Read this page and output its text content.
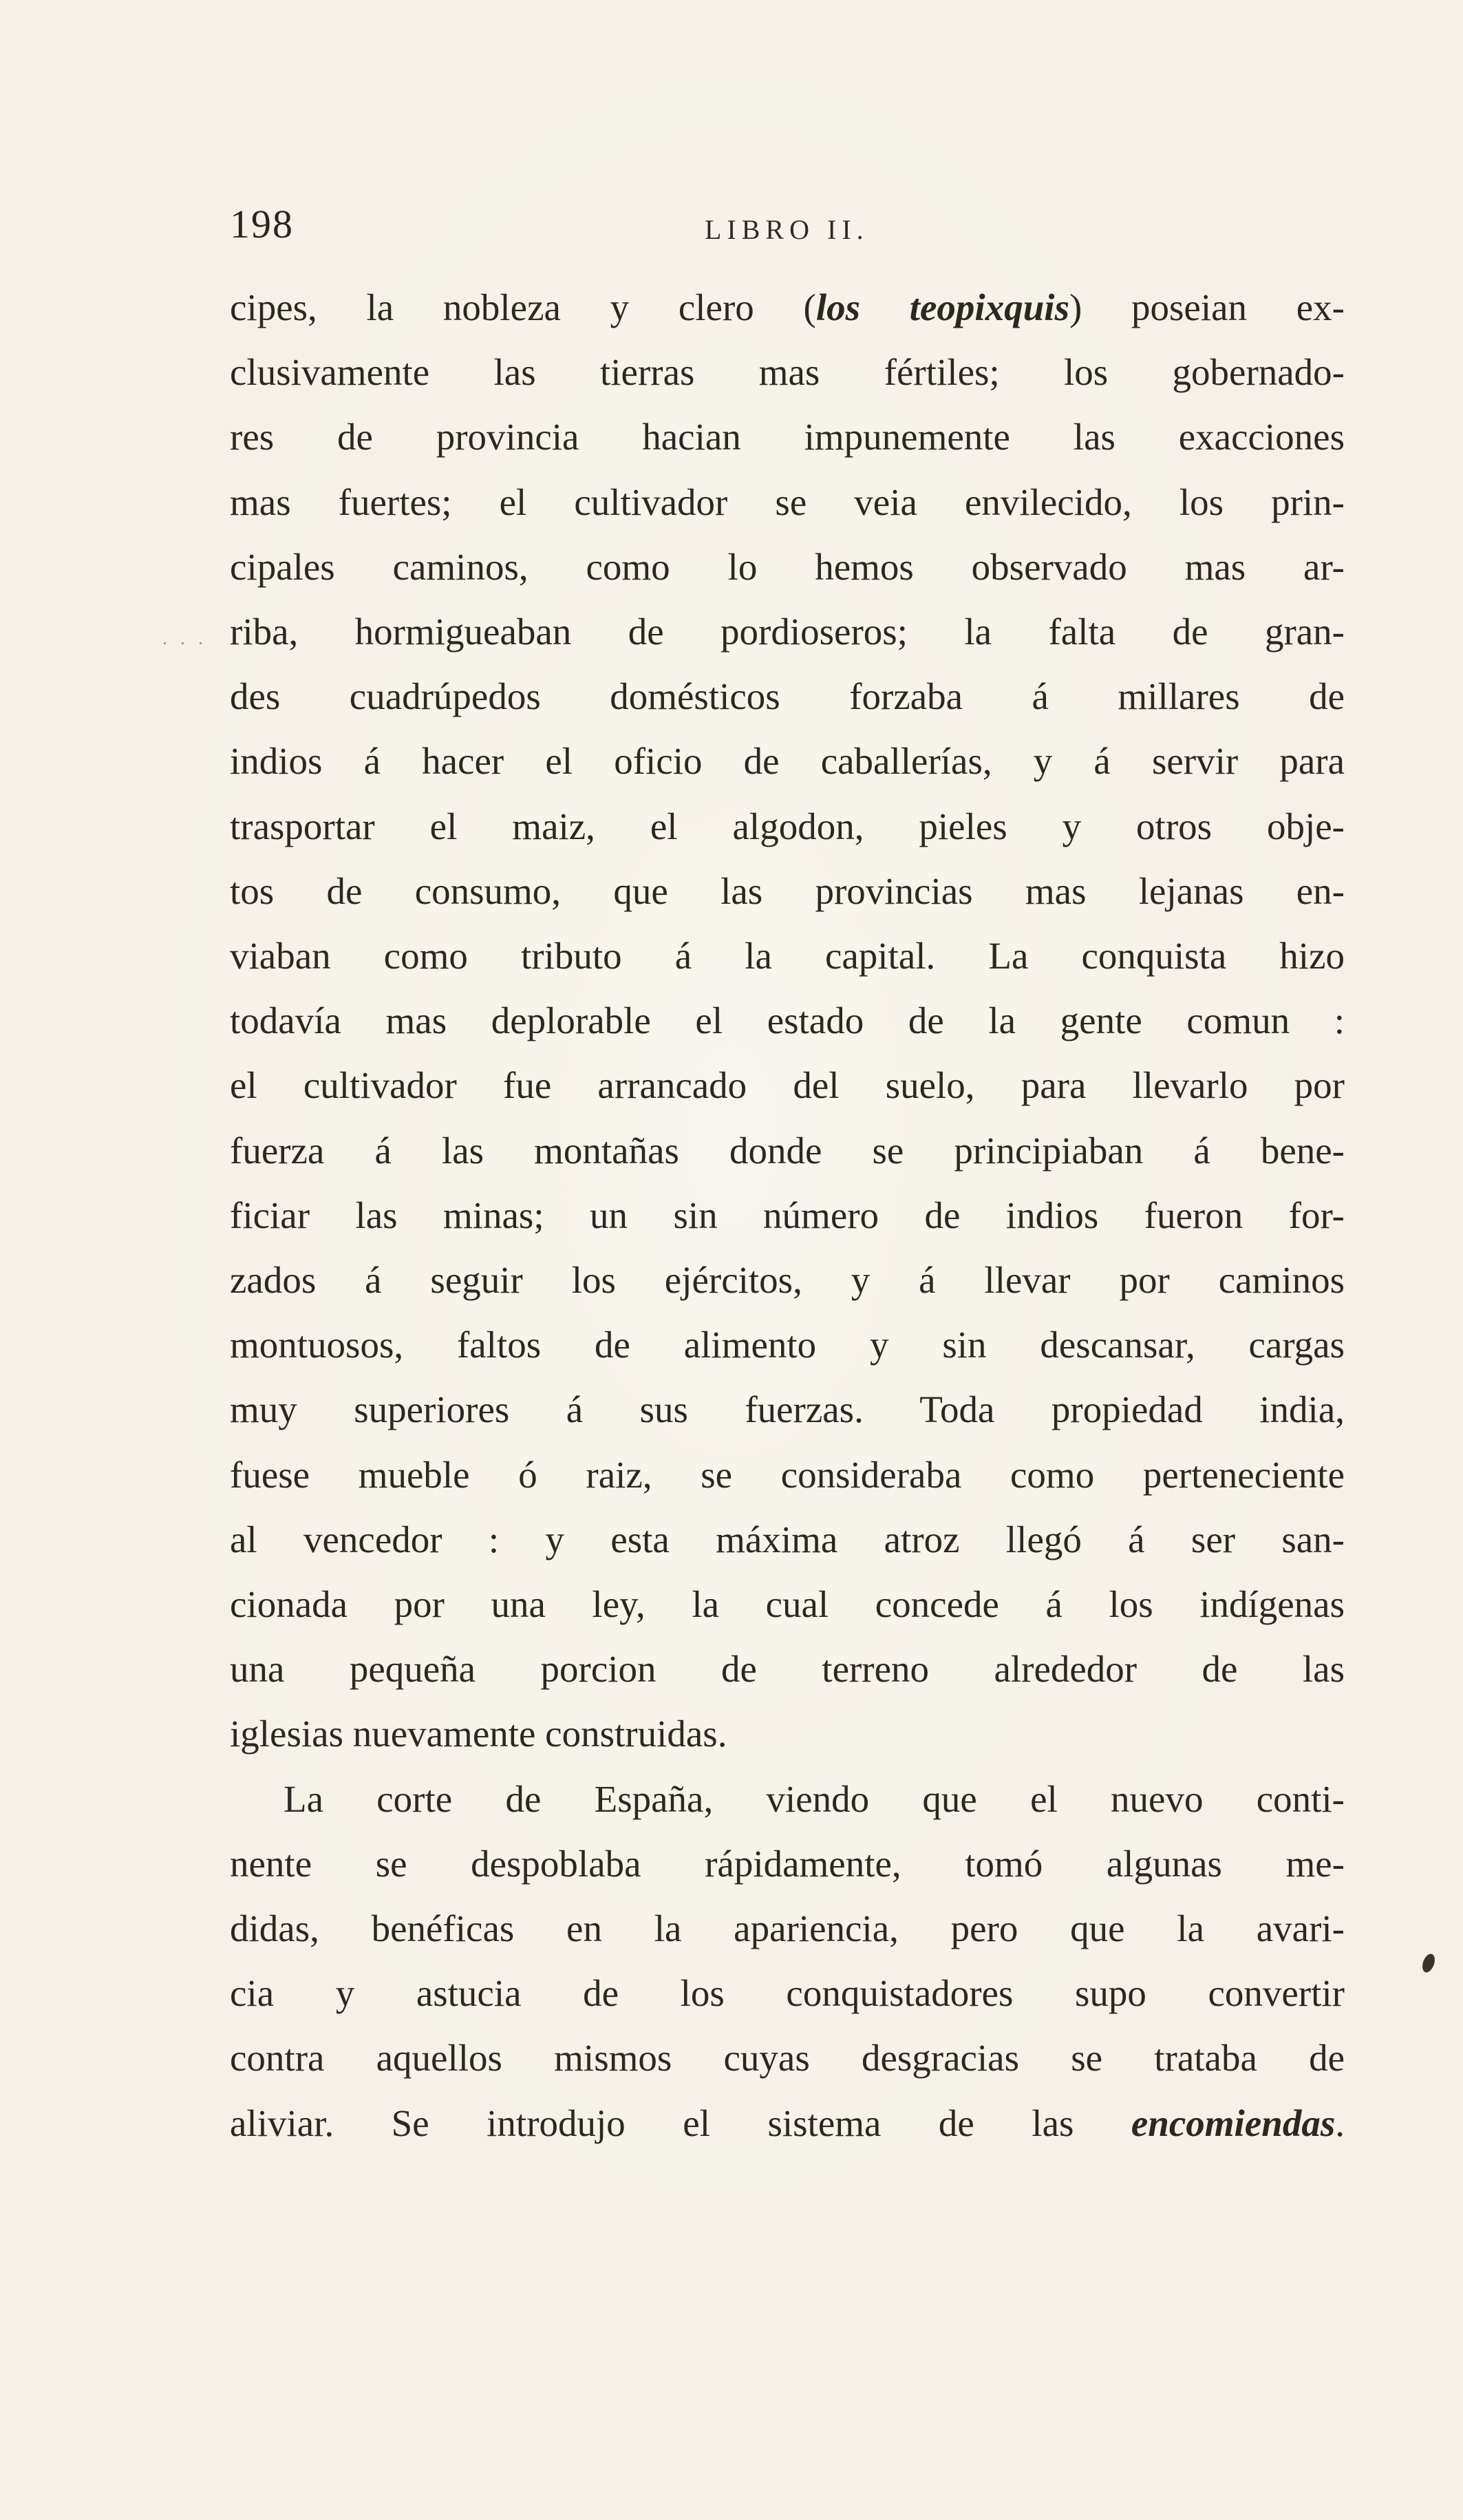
198	LIBRO II.
. . .
cipes, la nobleza y clero (los teopixquis) poseian ex-
clusivamente las tierras mas fértiles; los gobernado-
res de provincia hacian impunemente las exacciones
mas fuertes; el cultivador se veia envilecido, los prin-
cipales caminos, como lo hemos observado mas ar-
riba, hormigueaban de pordioseros; la falta de gran-
des cuadrúpedos domésticos forzaba á millares de
indios á hacer el oficio de caballerías, y á servir para
trasportar el maiz, el algodon, pieles y otros obje-
tos de consumo, que las provincias mas lejanas en-
viaban como tributo á la capital. La conquista hizo
todavía mas deplorable el estado de la gente comun :
el cultivador fue arrancado del suelo, para llevarlo por
fuerza á las montañas donde se principiaban á bene-
ficiar las minas; un sin número de indios fueron for-
zados á seguir los ejércitos, y á llevar por caminos
montuosos, faltos de alimento y sin descansar, cargas
muy superiores á sus fuerzas. Toda propiedad india,
fuese mueble ó raiz, se consideraba como perteneciente
al vencedor : y esta máxima atroz llegó á ser san-
cionada por una ley, la cual concede á los indígenas
una pequeña porcion de terreno alrededor de las
iglesias nuevamente construidas.
La corte de España, viendo que el nuevo conti-
nente se despoblaba rápidamente, tomó algunas me-
didas, benéficas en la apariencia, pero que la avari-
cia y astucia de los conquistadores supo convertir
contra aquellos mismos cuyas desgracias se trataba de
aliviar. Se introdujo el sistema de las encomiendas.
